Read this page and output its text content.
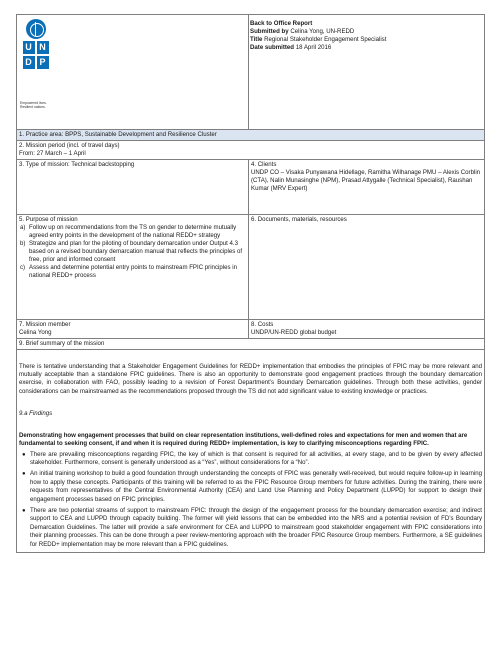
U N
D P
Empowered lives. Resilient nations.
Back to Office Report
Submitted by Celina Yong, UN-REDD
Title Regional Stakeholder Engagement Specialist
Date submitted 18 April 2016
1. Practice area: BPPS, Sustainable Development and Resilience Cluster
2. Mission period (incl. of travel days)
From: 27 March – 1 April
3. Type of mission: Technical backstopping	4. Clients
UNDP CO – Visaka Punyawana Hidellage, Ramitha Wilhanage PMU – Alexis Corblin (CTA), Nalin Munasinghe (NPM), Prasad Attygalle (Technical Specialist), Raushan Kumar (MRV Expert)
5. Purpose of mission
a) Follow up on recommendations from the TS on gender to determine mutually agreed entry points in the development of the national REDD+ strategy
b) Strategize and plan for the piloting of boundary demarcation under Output 4.3 based on a revised boundary demarcation manual that reflects the principles of free, prior and informed consent
c) Assess and determine potential entry points to mainstream FPIC principles in national REDD+ process
6. Documents, materials, resources
7. Mission member
Celina Yong
8. Costs
UNDP/UN-REDD global budget
9. Brief summary of the mission

There is tentative understanding that a Stakeholder Engagement Guidelines for REDD+ implementation that embodies the principles of FPIC may be more relevant and mutually acceptable than a standalone FPIC guidelines. There is also an opportunity to demonstrate good engagement practices through the boundary demarcation exercise, in collaboration with FAO, possibly leading to a revision of Forest Department’s Boundary Demarcation guidelines. Through both these activities, gender considerations can be mainstreamed as the recommendations proposed through the TS did not add significant value to existing knowledge or practices.

9.a Findings

Demonstrating how engagement processes that build on clear representation institutions, well-defined roles and expectations for men and women that are fundamental to seeking consent, if and when it is required during REDD+ implementation, is key to clarifying misconceptions regarding FPIC.

● There are prevailing misconceptions regarding FPIC, the key of which is that consent is required for all activities, at every stage, and to be given by every affected stakeholder. Furthermore, consent is generally understood as a “Yes”, without considerations for a “No”.
● An initial training workshop to build a good foundation through understanding the concepts of FPIC was generally well-received, but would require follow-up in learning how to apply these concepts. Participants of this training will be referred to as the FPIC Resource Group members for future activities. During the training, there were requests from representatives of the Central Environmental Authority (CEA) and Land Use Planning and Policy Department (LUPPD) for support to design their engagement processes based on FPIC principles.
● There are two potential streams of support to mainstream FPIC: through the design of the engagement process for the boundary demarcation exercise; and indirect support to CEA and LUPPD through capacity building. The former will yield lessons that can be embedded into the NRS and a potential revision of FD’s Boundary Demarcation Guidelines. The latter will provide a safe environment for CEA and LUPPD to mainstream good stakeholder engagement with FPIC considerations into their planning processes. This can be done through a peer review-mentoring approach with the broader FPIC Resource Group members. Furthermore, a SE guidelines for REDD+ implementation may be more relevant than a FPIC guidelines.
